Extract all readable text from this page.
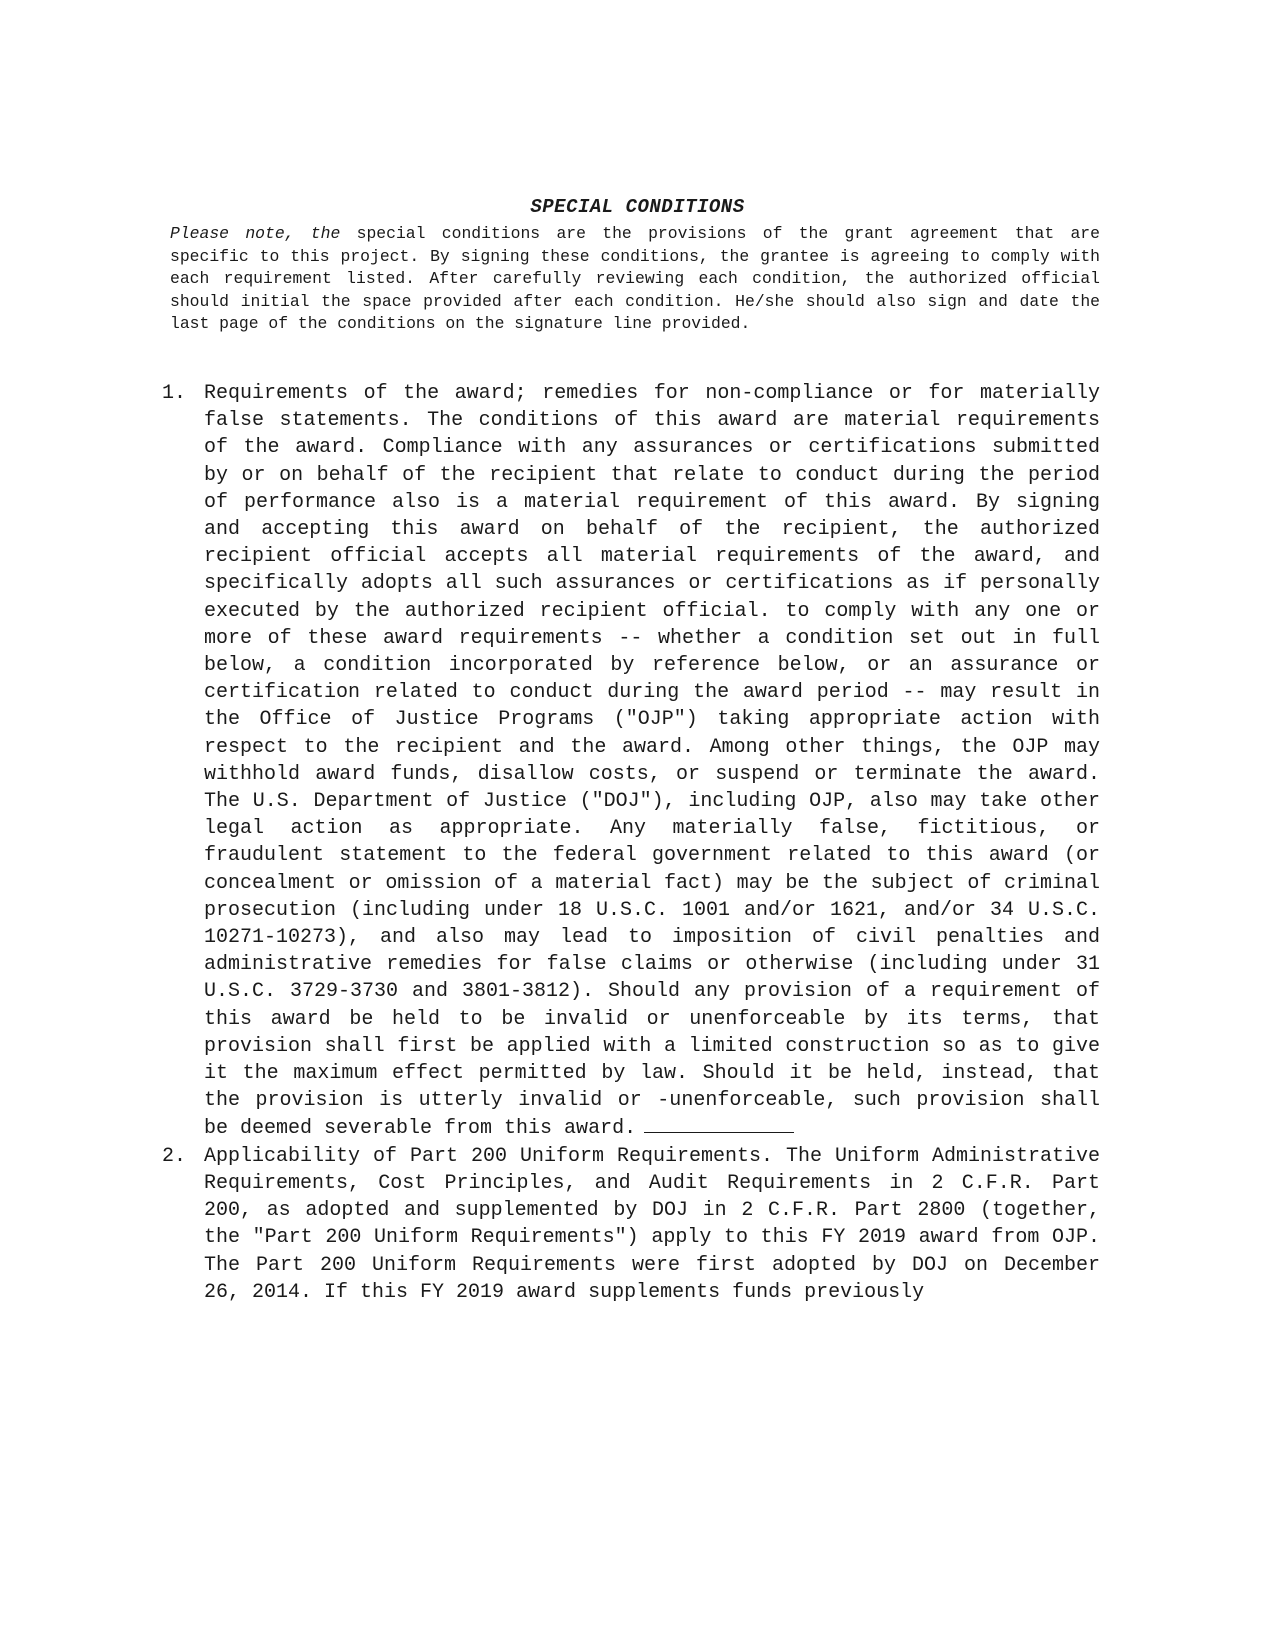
SPECIAL CONDITIONS

Please note, the special conditions are the provisions of the grant agreement that are specific to this project. By signing these conditions, the grantee is agreeing to comply with each requirement listed. After carefully reviewing each condition, the authorized official should initial the space provided after each condition. He/she should also sign and date the last page of the conditions on the signature line provided.

1. Requirements of the award; remedies for non-compliance or for materially false statements. The conditions of this award are material requirements of the award. Compliance with any assurances or certifications submitted by or on behalf of the recipient that relate to conduct during the period of performance also is a material requirement of this award. By signing and accepting this award on behalf of the recipient, the authorized recipient official accepts all material requirements of the award, and specifically adopts all such assurances or certifications as if personally executed by the authorized recipient official. to comply with any one or more of these award requirements -- whether a condition set out in full below, a condition incorporated by reference below, or an assurance or certification related to conduct during the award period -- may result in the Office of Justice Programs ("OJP") taking appropriate action with respect to the recipient and the award. Among other things, the OJP may withhold award funds, disallow costs, or suspend or terminate the award. The U.S. Department of Justice ("DOJ"), including OJP, also may take other legal action as appropriate. Any materially false, fictitious, or fraudulent statement to the federal government related to this award (or concealment or omission of a material fact) may be the subject of criminal prosecution (including under 18 U.S.C. 1001 and/or 1621, and/or 34 U.S.C. 10271-10273), and also may lead to imposition of civil penalties and administrative remedies for false claims or otherwise (including under 31 U.S.C. 3729-3730 and 3801-3812). Should any provision of a requirement of this award be held to be invalid or unenforceable by its terms, that provision shall first be applied with a limited construction so as to give it the maximum effect permitted by law. Should it be held, instead, that the provision is utterly invalid or -unenforceable, such provision shall be deemed severable from this award.
2. Applicability of Part 200 Uniform Requirements. The Uniform Administrative Requirements, Cost Principles, and Audit Requirements in 2 C.F.R. Part 200, as adopted and supplemented by DOJ in 2 C.F.R. Part 2800 (together, the "Part 200 Uniform Requirements") apply to this FY 2019 award from OJP. The Part 200 Uniform Requirements were first adopted by DOJ on December 26, 2014. If this FY 2019 award supplements funds previously
